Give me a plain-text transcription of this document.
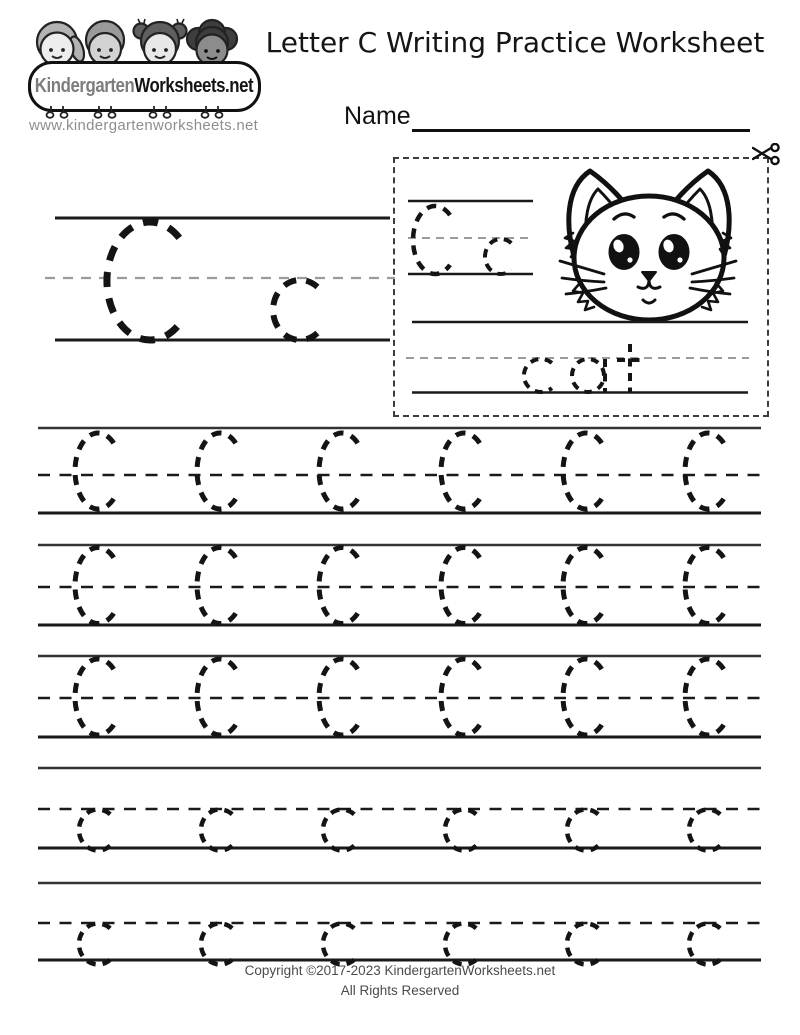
KindergartenWorksheets.net
www.kindergartenworksheets.net
Letter C Writing Practice Worksheet
Name
Copyright ©2017-2023 KindergartenWorksheets.net
All Rights Reserved
